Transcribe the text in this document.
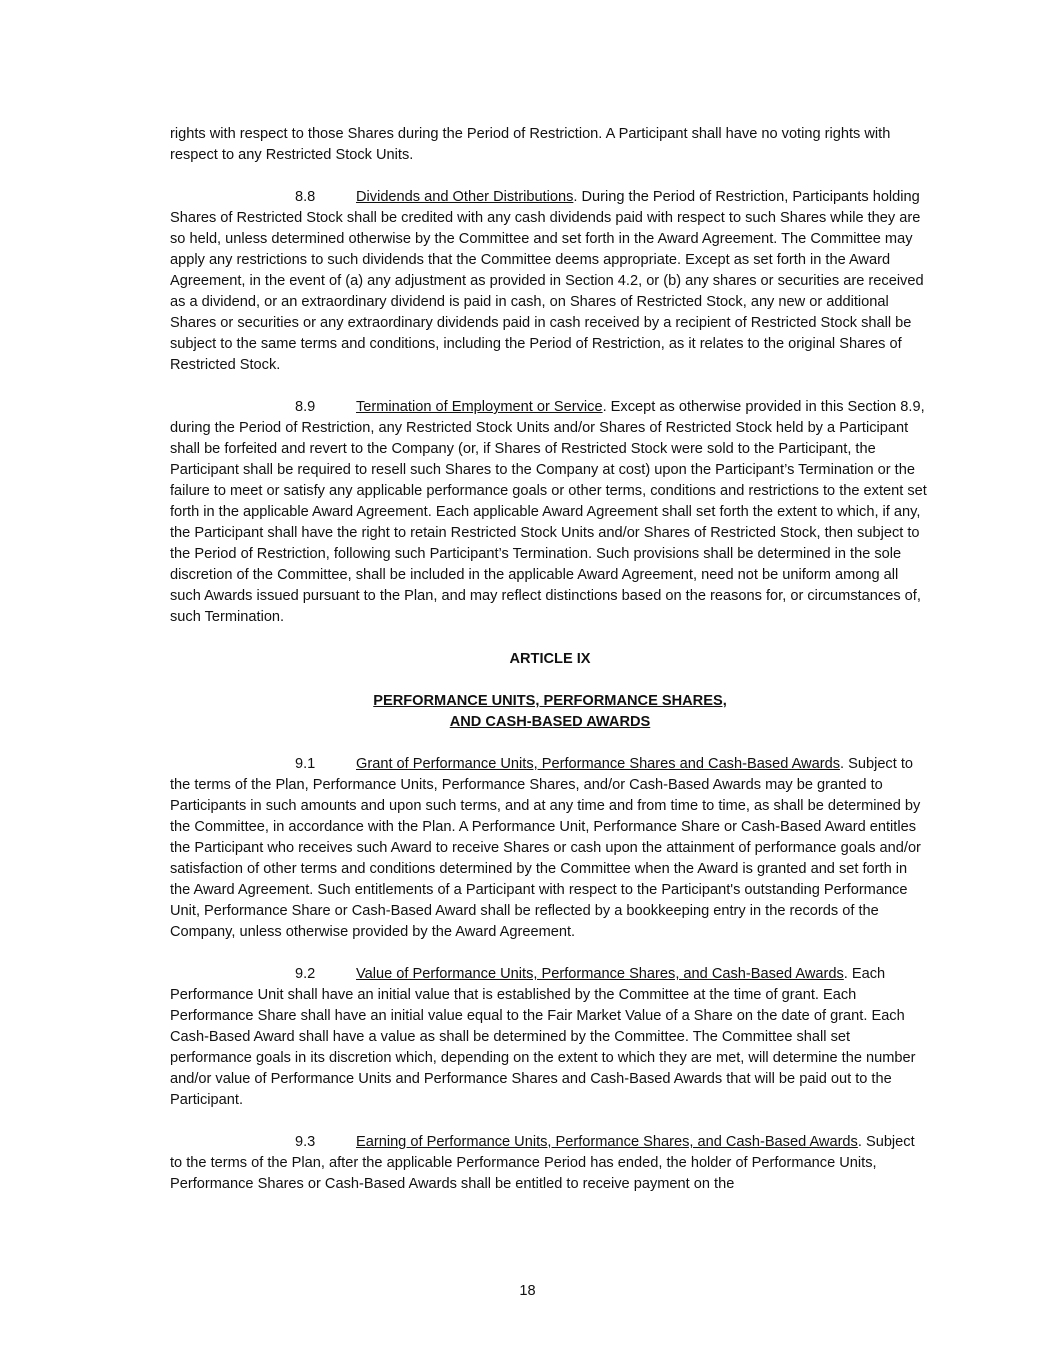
rights with respect to those Shares during the Period of Restriction. A Participant shall have no voting rights with respect to any Restricted Stock Units.

8.8	Dividends and Other Distributions. During the Period of Restriction, Participants holding Shares of Restricted Stock shall be credited with any cash dividends paid with respect to such Shares while they are so held, unless determined otherwise by the Committee and set forth in the Award Agreement. The Committee may apply any restrictions to such dividends that the Committee deems appropriate. Except as set forth in the Award Agreement, in the event of (a) any adjustment as provided in Section 4.2, or (b) any shares or securities are received as a dividend, or an extraordinary dividend is paid in cash, on Shares of Restricted Stock, any new or additional Shares or securities or any extraordinary dividends paid in cash received by a recipient of Restricted Stock shall be subject to the same terms and conditions, including the Period of Restriction, as it relates to the original Shares of Restricted Stock.

8.9	Termination of Employment or Service. Except as otherwise provided in this Section 8.9, during the Period of Restriction, any Restricted Stock Units and/or Shares of Restricted Stock held by a Participant shall be forfeited and revert to the Company (or, if Shares of Restricted Stock were sold to the Participant, the Participant shall be required to resell such Shares to the Company at cost) upon the Participant’s Termination or the failure to meet or satisfy any applicable performance goals or other terms, conditions and restrictions to the extent set forth in the applicable Award Agreement. Each applicable Award Agreement shall set forth the extent to which, if any, the Participant shall have the right to retain Restricted Stock Units and/or Shares of Restricted Stock, then subject to the Period of Restriction, following such Participant’s Termination. Such provisions shall be determined in the sole discretion of the Committee, shall be included in the applicable Award Agreement, need not be uniform among all such Awards issued pursuant to the Plan, and may reflect distinctions based on the reasons for, or circumstances of, such Termination.

ARTICLE IX

PERFORMANCE UNITS, PERFORMANCE SHARES,
AND CASH-BASED AWARDS

9.1	Grant of Performance Units, Performance Shares and Cash-Based Awards. Subject to the terms of the Plan, Performance Units, Performance Shares, and/or Cash-Based Awards may be granted to Participants in such amounts and upon such terms, and at any time and from time to time, as shall be determined by the Committee, in accordance with the Plan. A Performance Unit, Performance Share or Cash-Based Award entitles the Participant who receives such Award to receive Shares or cash upon the attainment of performance goals and/or satisfaction of other terms and conditions determined by the Committee when the Award is granted and set forth in the Award Agreement. Such entitlements of a Participant with respect to the Participant's outstanding Performance Unit, Performance Share or Cash-Based Award shall be reflected by a bookkeeping entry in the records of the Company, unless otherwise provided by the Award Agreement.

9.2	Value of Performance Units, Performance Shares, and Cash-Based Awards. Each Performance Unit shall have an initial value that is established by the Committee at the time of grant. Each Performance Share shall have an initial value equal to the Fair Market Value of a Share on the date of grant. Each Cash-Based Award shall have a value as shall be determined by the Committee. The Committee shall set performance goals in its discretion which, depending on the extent to which they are met, will determine the number and/or value of Performance Units and Performance Shares and Cash-Based Awards that will be paid out to the Participant.

9.3	Earning of Performance Units, Performance Shares, and Cash-Based Awards. Subject to the terms of the Plan, after the applicable Performance Period has ended, the holder of Performance Units, Performance Shares or Cash-Based Awards shall be entitled to receive payment on the

18
